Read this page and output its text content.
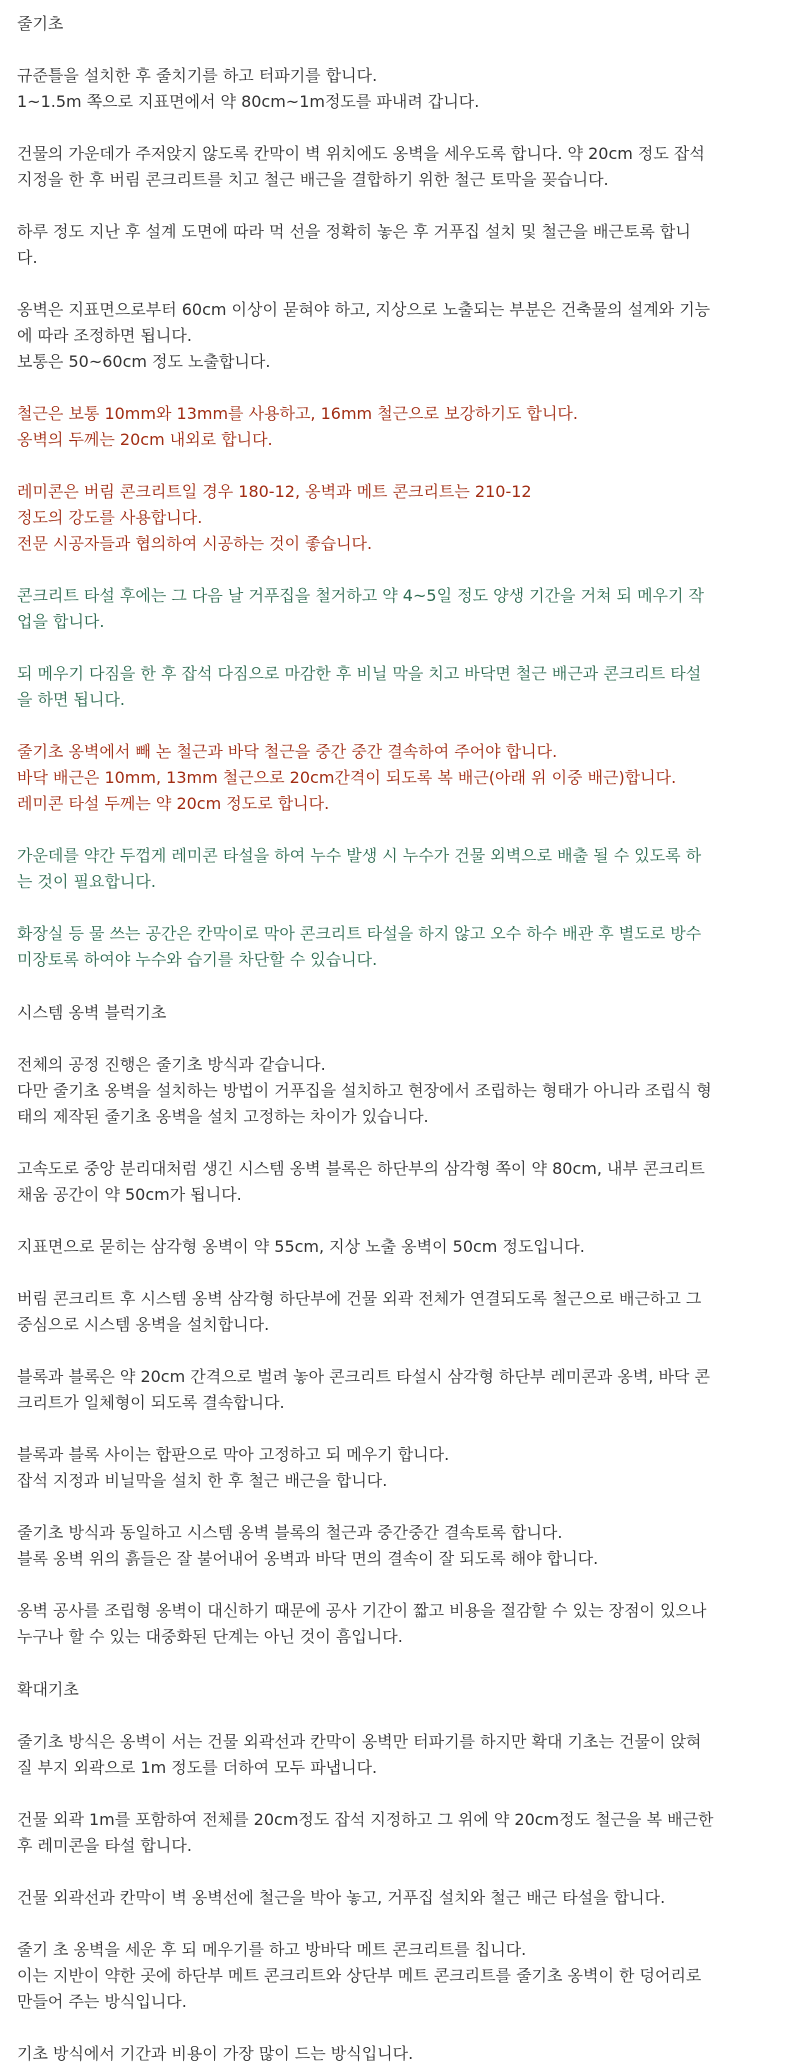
줄기초
규준틀을 설치한 후 줄치기를 하고 터파기를 합니다.
1~1.5m 쪽으로 지표면에서 약 80cm~1m정도를 파내려 갑니다.
건물의 가운데가 주저앉지 않도록 칸막이 벽 위치에도 옹벽을 세우도록 합니다. 약 20cm 정도 잡석
지정을 한 후 버림 콘크리트를 치고 철근 배근을 결합하기 위한 철근 토막을 꽂습니다.
하루 정도 지난 후 설계 도면에 따라 먹 선을 정확히 놓은 후 거푸집 설치 및 철근을 배근토록 합니
다.
옹벽은 지표면으로부터 60cm 이상이 묻혀야 하고, 지상으로 노출되는 부분은 건축물의 설계와 기능
에 따라 조정하면 됩니다.
보통은 50~60cm 정도 노출합니다.
철근은 보통 10mm와 13mm를 사용하고, 16mm 철근으로 보강하기도 합니다.
옹벽의 두께는 20cm 내외로 합니다.
레미콘은 버림 콘크리트일 경우 180-12, 옹벽과 메트 콘크리트는 210-12
정도의 강도를 사용합니다.
전문 시공자들과 협의하여 시공하는 것이 좋습니다.
콘크리트 타설 후에는 그 다음 날 거푸집을 철거하고 약 4~5일 정도 양생 기간을 거쳐 되 메우기 작
업을 합니다.
되 메우기 다짐을 한 후 잡석 다짐으로 마감한 후 비닐 막을 치고 바닥면 철근 배근과 콘크리트 타설
을 하면 됩니다.
줄기초 옹벽에서 빼 논 철근과 바닥 철근을 중간 중간 결속하여 주어야 합니다.
바닥 배근은 10mm, 13mm 철근으로 20cm간격이 되도록 복 배근(아래 위 이중 배근)합니다.
레미콘 타설 두께는 약 20cm 정도로 합니다.
가운데를 약간 두껍게 레미콘 타설을 하여 누수 발생 시 누수가 건물 외벽으로 배출 될 수 있도록 하
는 것이 필요합니다.
화장실 등 물 쓰는 공간은 칸막이로 막아 콘크리트 타설을 하지 않고 오수 하수 배관 후 별도로 방수
미장토록 하여야 누수와 습기를 차단할 수 있습니다.
시스템 옹벽 블럭기초
전체의 공정 진행은 줄기초 방식과 같습니다.
다만 줄기초 옹벽을 설치하는 방법이 거푸집을 설치하고 현장에서 조립하는 형태가 아니라 조립식 형
태의 제작된 줄기초 옹벽을 설치 고정하는 차이가 있습니다.
고속도로 중앙 분리대처럼 생긴 시스템 옹벽 블록은 하단부의 삼각형 쪽이 약 80cm, 내부 콘크리트
채움 공간이 약 50cm가 됩니다.
지표면으로 묻히는 삼각형 옹벽이 약 55cm, 지상 노출 옹벽이 50cm 정도입니다.
버림 콘크리트 후 시스템 옹벽 삼각형 하단부에 건물 외곽 전체가 연결되도록 철근으로 배근하고 그
중심으로 시스템 옹벽을 설치합니다.
블록과 블록은 약 20cm 간격으로 벌려 놓아 콘크리트 타설시 삼각형 하단부 레미콘과 옹벽, 바닥 콘
크리트가 일체형이 되도록 결속합니다.
블록과 블록 사이는 합판으로 막아 고정하고 되 메우기 합니다.
잡석 지정과 비닐막을 설치 한 후 철근 배근을 합니다.
줄기초 방식과 동일하고 시스템 옹벽 블록의 철근과 중간중간 결속토록 합니다.
블록 옹벽 위의 흙들은 잘 불어내어 옹벽과 바닥 면의 결속이 잘 되도록 해야 합니다.
옹벽 공사를 조립형 옹벽이 대신하기 때문에 공사 기간이 짧고 비용을 절감할 수 있는 장점이 있으나
누구나 할 수 있는 대중화된 단계는 아닌 것이 흠입니다.
확대기초
줄기초 방식은 옹벽이 서는 건물 외곽선과 칸막이 옹벽만 터파기를 하지만 확대 기초는 건물이 앉혀
질 부지 외곽으로 1m 정도를 더하여 모두 파냅니다.
건물 외곽 1m를 포함하여 전체를 20cm정도 잡석 지정하고 그 위에 약 20cm정도 철근을 복 배근한
후 레미콘을 타설 합니다.
건물 외곽선과 칸막이 벽 옹벽선에 철근을 박아 놓고, 거푸집 설치와 철근 배근 타설을 합니다.
줄기 초 옹벽을 세운 후 되 메우기를 하고 방바닥 메트 콘크리트를 칩니다.
이는 지반이 약한 곳에 하단부 메트 콘크리트와 상단부 메트 콘크리트를 줄기초 옹벽이 한 덩어리로
만들어 주는 방식입니다.
기초 방식에서 기간과 비용이 가장 많이 드는 방식입니다.
